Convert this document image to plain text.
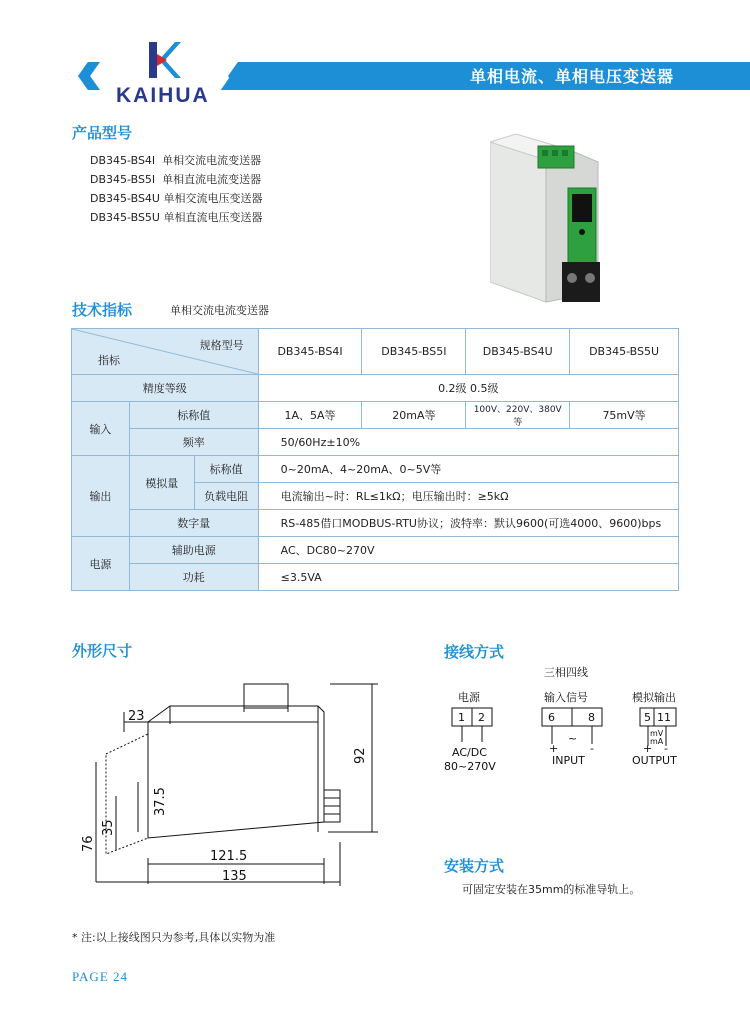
KAIHUA
单相电流、单相电压变送器
产品型号
DB345-BS4I 单相交流电流变送器
DB345-BS5I 单相直流电流变送器
DB345-BS4U 单相交流电压变送器
DB345-BS5U 单相直流电压变送器
技术指标	单相交流电流变送器
规格型号
指标			DB345-BS4I	DB345-BS5I	DB345-BS4U	DB345-BS5U
精度等级			0.2级 0.5级			
输入	标称值		1A、5A等	20mA等	100V、220V、380V等	75mV等
	频率		50/60Hz±10%			
输出	模拟量	标称值	0~20mA、4~20mA、0~5V等			
		负载电阻	电流输出~时：RL≤1kΩ；电压输出时：≥5kΩ			
	数字量		RS-485借口MODBUS-RTU协议；波特率：默认9600(可选4000、9600)bps			
电源	辅助电源		AC、DC80~270V			
	功耗		≤3.5VA			
外形尺寸
23
92
37.5
35
76
121.5
135
接线方式
三相四线
电源
1 2
AC/DC
80~270V
输入信号
6	8
+
~
-
INPUT
模拟输出
5 11
mV
mA
+ -
OUTPUT
安装方式
可固定安装在35mm的标准导轨上。
* 注:以上接线图只为参考,具体以实物为准
PAGE 24
